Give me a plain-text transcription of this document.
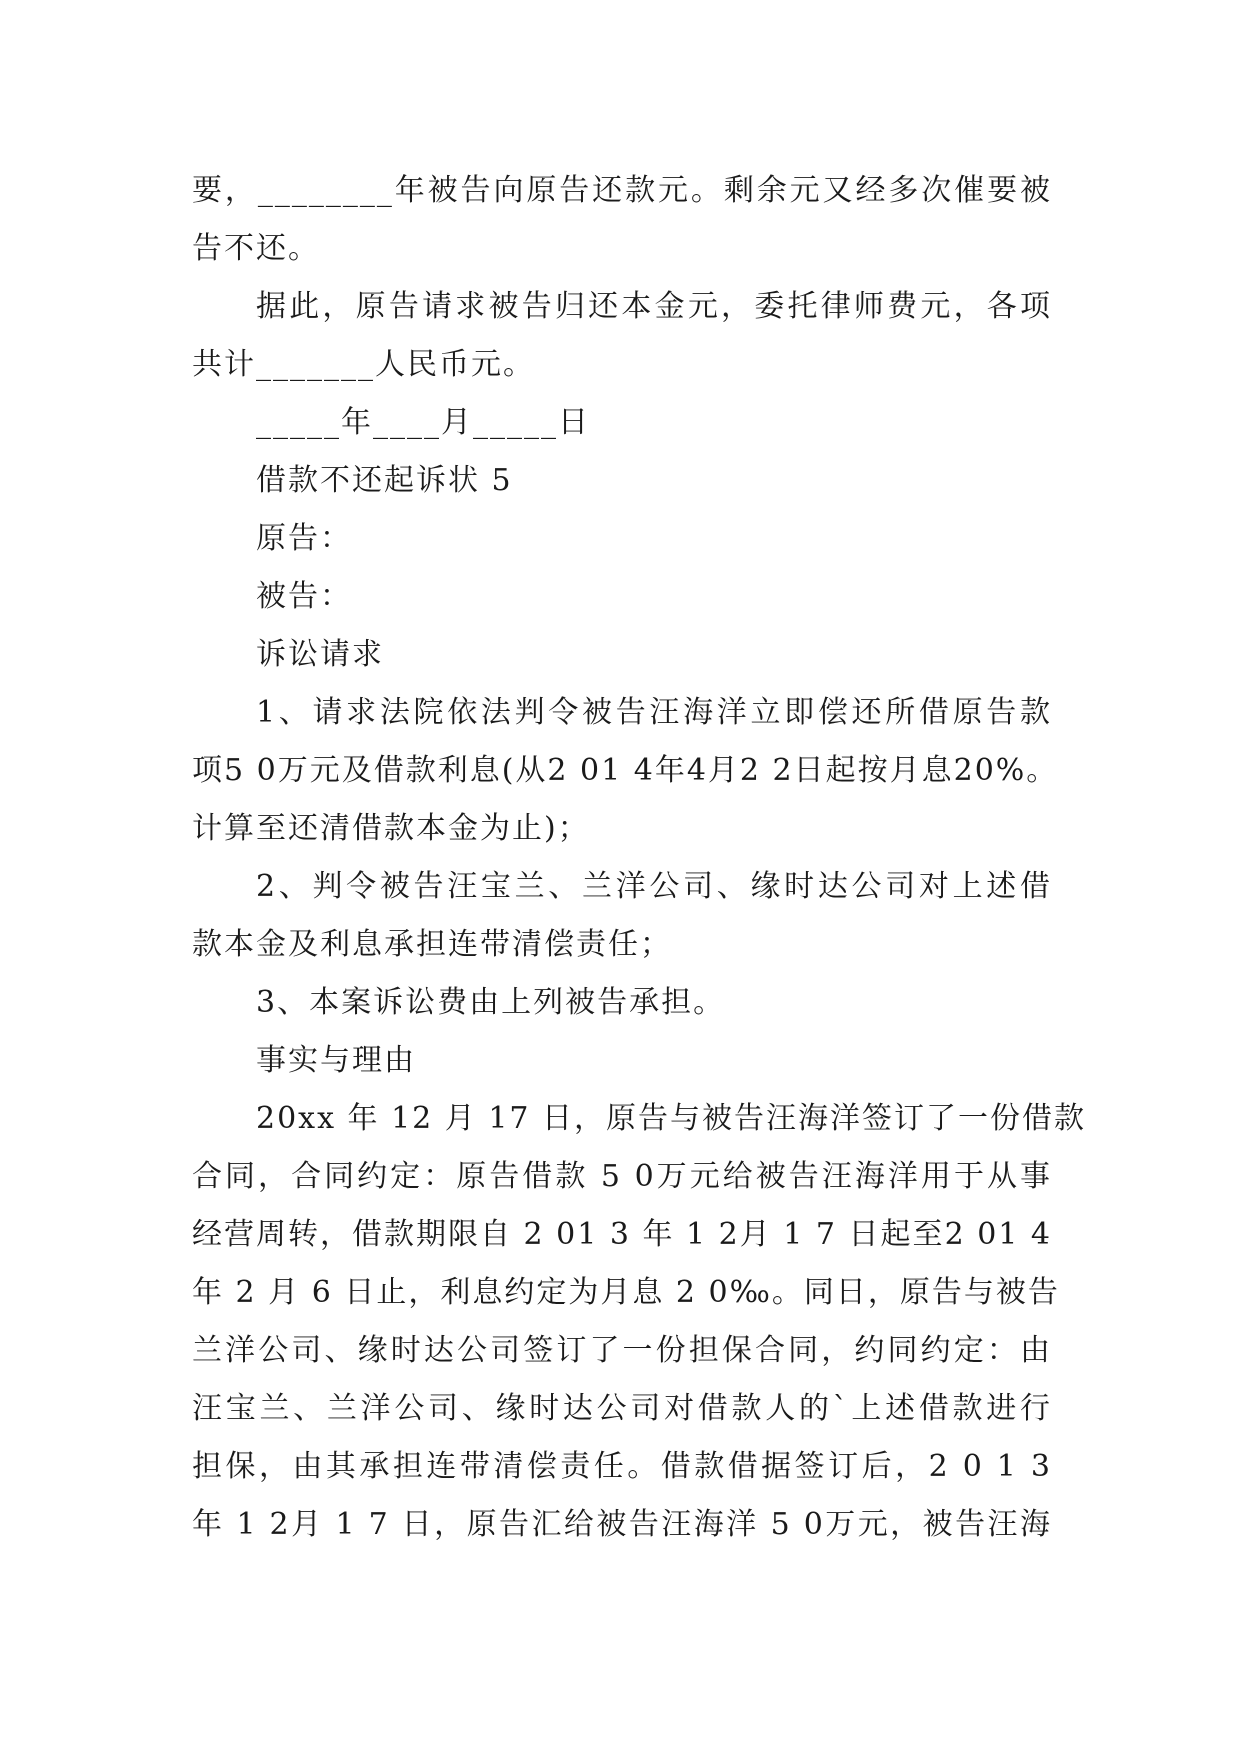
要，________年被告向原告还款元。剩余元又经多次催要被
告不还。
据此，原告请求被告归还本金元，委托律师费元，各项
共计_______人民币元。
_____年____月_____日
借款不还起诉状 5
原告：
被告：
诉讼请求
1、请求法院依法判令被告汪海洋立即偿还所借原告款
项5 0万元及借款利息(从2 01 4年4月2 2日起按月息20%。
计算至还清借款本金为止)；
2、判令被告汪宝兰、兰洋公司、缘时达公司对上述借
款本金及利息承担连带清偿责任；
3、本案诉讼费由上列被告承担。
事实与理由
20xx 年 12 月 17 日，原告与被告汪海洋签订了一份借款
合同，合同约定：原告借款 5 0万元给被告汪海洋用于从事
经营周转，借款期限自 2 01 3 年 1 2月 1 7 日起至2 01 4
年 2 月 6 日止，利息约定为月息 2 0‰。同日，原告与被告
兰洋公司、缘时达公司签订了一份担保合同，约同约定：由
汪宝兰、兰洋公司、缘时达公司对借款人的`上述借款进行
担保，由其承担连带清偿责任。借款借据签订后，2 0 1 3
年 1 2月 1 7 日，原告汇给被告汪海洋 5 0万元，被告汪海
